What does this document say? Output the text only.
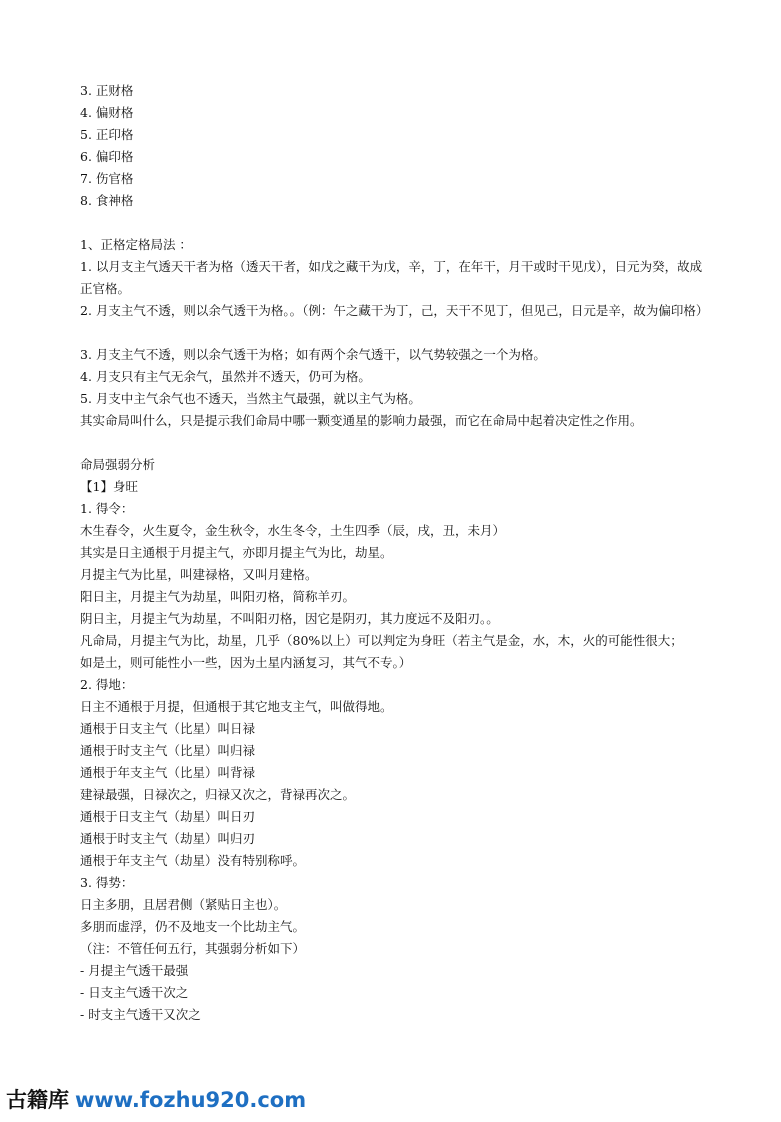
3. 正财格
4. 偏财格
5. 正印格
6. 偏印格
7. 伤官格
8. 食神格
1、正格定格局法 ：
1. 以月支主气透天干者为格（透天干者，如戊之藏干为戊，辛，丁，在年干，月干或时干见戊），日元为癸，故成正官格。
2. 月支主气不透，则以余气透干为格。。（例：午之藏干为丁，己，天干不见丁，但见己，日元是辛，故为偏印格）
3. 月支主气不透，则以余气透干为格；如有两个余气透干，以气势较强之一个为格。
4. 月支只有主气无余气，虽然并不透天，仍可为格。
5. 月支中主气余气也不透天，当然主气最强，就以主气为格。
其实命局叫什么，只是提示我们命局中哪一颗变通星的影响力最强，而它在命局中起着决定性之作用。
命局强弱分析
【1】身旺
1. 得令：
木生春令，火生夏令，金生秋令，水生冬令，土生四季（辰，戌，丑，未月）
其实是日主通根于月提主气，亦即月提主气为比，劫星。
月提主气为比星，叫建禄格，又叫月建格。
阳日主，月提主气为劫星，叫阳刃格，简称羊刃。
阴日主，月提主气为劫星，不叫阳刃格，因它是阴刃，其力度远不及阳刃。。
凡命局，月提主气为比，劫星，几乎（80%以上）可以判定为身旺（若主气是金，水，木，火的可能性很大；
如是土，则可能性小一些，因为土星内涵复习，其气不专。）
2. 得地：
日主不通根于月提，但通根于其它地支主气，叫做得地。
通根于日支主气（比星）叫日禄
通根于时支主气（比星）叫归禄
通根于年支主气（比星）叫背禄
建禄最强，日禄次之，归禄又次之，背禄再次之。
通根于日支主气（劫星）叫日刃
通根于时支主气（劫星）叫归刃
通根于年支主气（劫星）没有特别称呼。
3. 得势：
日主多朋，且居君侧（紧贴日主也）。
多朋而虚浮，仍不及地支一个比劫主气。
（注：不管任何五行，其强弱分析如下）
- 月提主气透干最强
- 日支主气透干次之
- 时支主气透干又次之
古籍库 www.fozhu920.com
